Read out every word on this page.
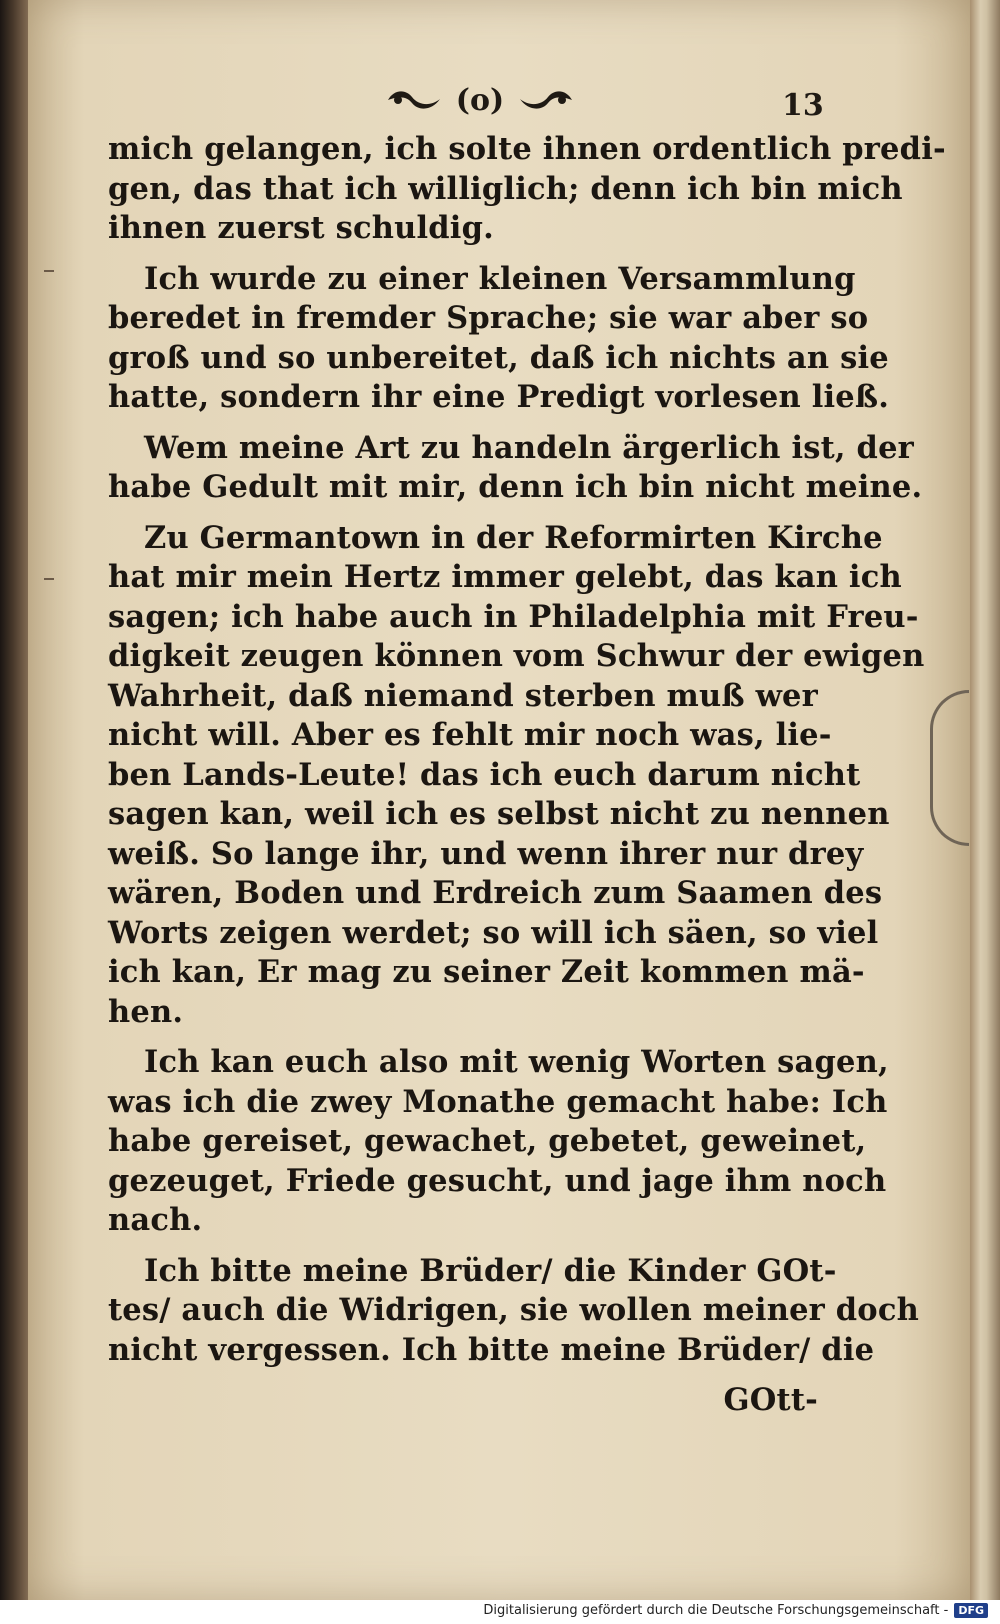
(o)	13
mich gelangen, ich solte ihnen ordentlich predi-
gen, das that ich williglich; denn ich bin mich
ihnen zuerst schuldig.
Ich wurde zu einer kleinen Versammlung
beredet in fremder Sprache; sie war aber so
groß und so unbereitet, daß ich nichts an sie
hatte, sondern ihr eine Predigt vorlesen ließ.
Wem meine Art zu handeln ärgerlich ist, der
habe Gedult mit mir, denn ich bin nicht meine.
Zu Germantown in der Reformirten Kirche
hat mir mein Hertz immer gelebt, das kan ich
sagen; ich habe auch in Philadelphia mit Freu-
digkeit zeugen können vom Schwur der ewigen
Wahrheit, daß niemand sterben muß wer
nicht will. Aber es fehlt mir noch was, lie-
ben Lands-Leute! das ich euch darum nicht
sagen kan, weil ich es selbst nicht zu nennen
weiß. So lange ihr, und wenn ihrer nur drey
wären, Boden und Erdreich zum Saamen des
Worts zeigen werdet; so will ich säen, so viel
ich kan, Er mag zu seiner Zeit kommen mä-
hen.
Ich kan euch also mit wenig Worten sagen,
was ich die zwey Monathe gemacht habe: Ich
habe gereiset, gewachet, gebetet, geweinet,
gezeuget, Friede gesucht, und jage ihm noch
nach.
Ich bitte meine Brüder/ die Kinder GOt-
tes/ auch die Widrigen, sie wollen meiner doch
nicht vergessen. Ich bitte meine Brüder/ die
GOtt-
Digitalisierung gefördert durch die Deutsche Forschungsgemeinschaft - DFG
